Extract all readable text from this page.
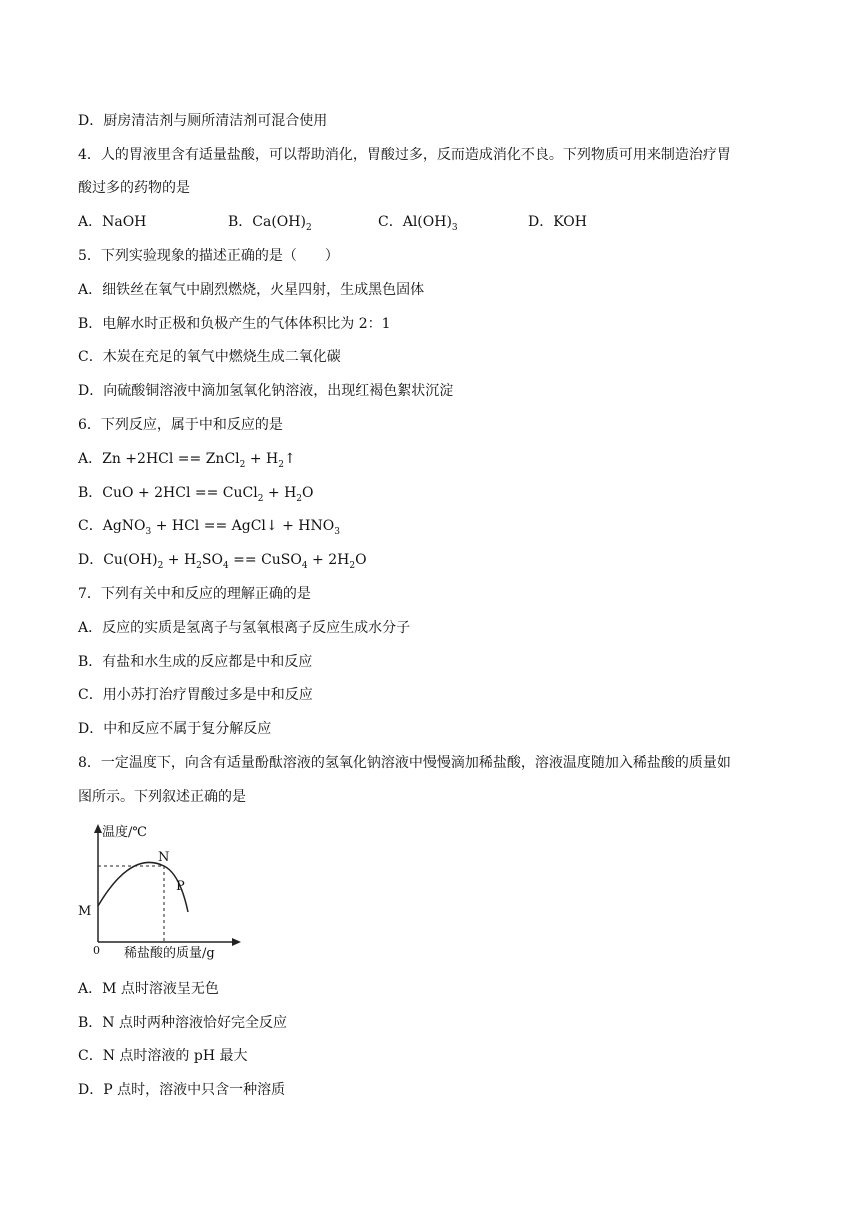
D．厨房清洁剂与厕所清洁剂可混合使用
4．人的胃液里含有适量盐酸，可以帮助消化，胃酸过多，反而造成消化不良。下列物质可用来制造治疗胃
酸过多的药物的是
A．NaOH	B．$Ca(OH)_2$	C．$Al(OH)_3$	D．KOH
5．下列实验现象的描述正确的是（　　）
A．细铁丝在氧气中剧烈燃烧，火星四射，生成黑色固体
B．电解水时正极和负极产生的气体体积比为 2：1
C．木炭在充足的氧气中燃烧生成二氧化碳
D．向硫酸铜溶液中滴加氢氧化钠溶液，出现红褐色絮状沉淀
6．下列反应，属于中和反应的是
A．Zn +2HCl == ZnCl$_2$ + $H_2↑$
B．CuO + 2HCl == CuCl$_2$ + $H_2O$
C．AgNO$_3$ + HCl == AgCl↓ + $HNO_3$
D．$Cu(OH)_2 + H_2SO_4$ == CuSO$_4$ + $2H_2O$
7．下列有关中和反应的理解正确的是
A．反应的实质是氢离子与氢氧根离子反应生成水分子
B．有盐和水生成的反应都是中和反应
C．用小苏打治疗胃酸过多是中和反应
D．中和反应不属于复分解反应
8．一定温度下，向含有适量酚酞溶液的氢氧化钠溶液中慢慢滴加稀盐酸，溶液温度随加入稀盐酸的质量如
图所示。下列叙述正确的是
温度/℃
N
P
M
0 稀盐酸的质量/g
A．M 点时溶液呈无色
B．N 点时两种溶液恰好完全反应
C．N 点时溶液的 pH 最大
D．P 点时，溶液中只含一种溶质
